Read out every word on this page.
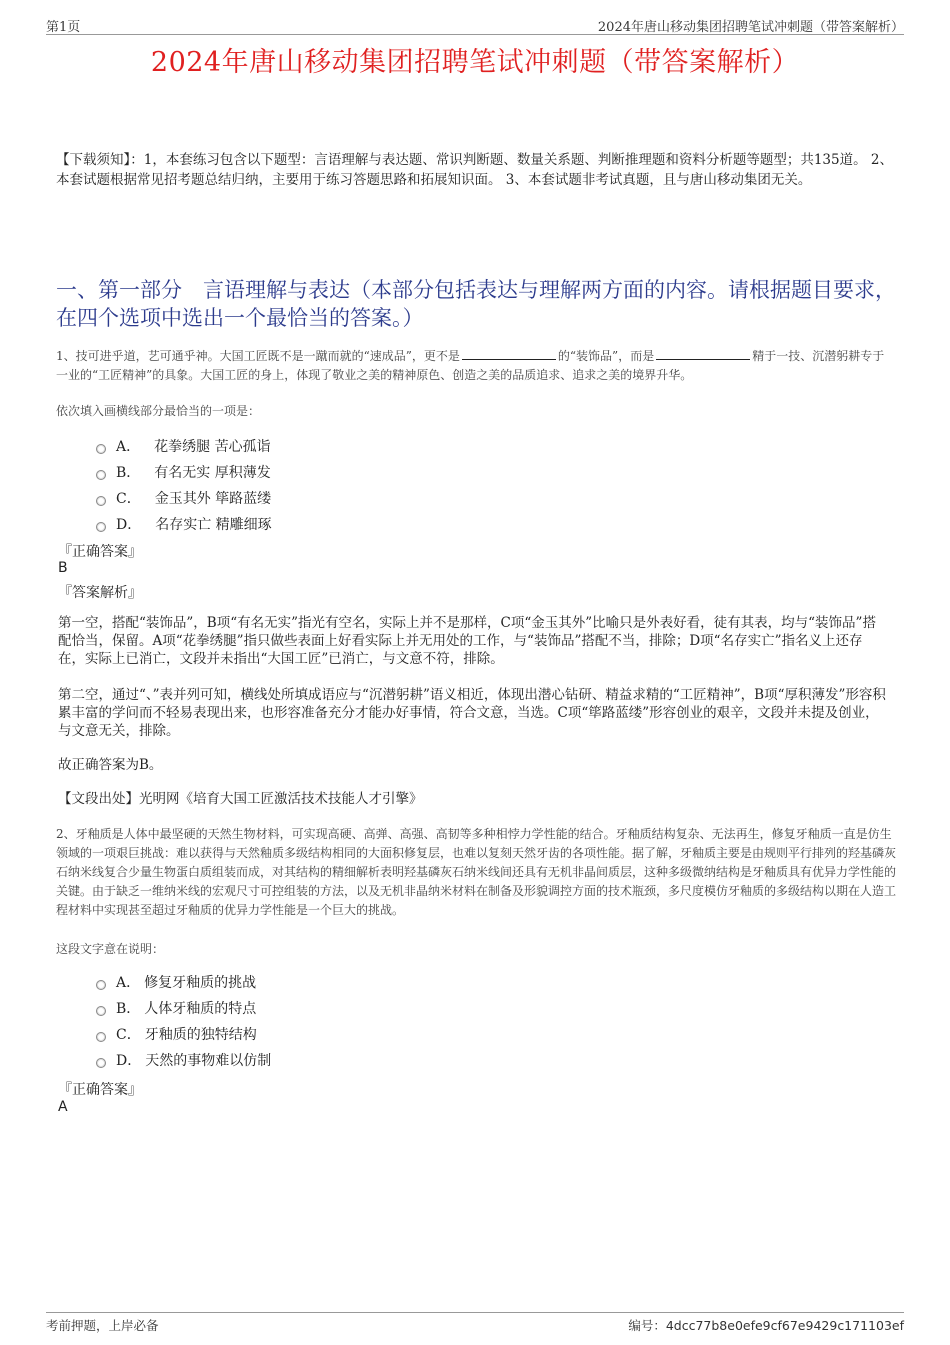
第1页	2024年唐山移动集团招聘笔试冲刺题（带答案解析）
2024年唐山移动集团招聘笔试冲刺题（带答案解析）
【下载须知】：1，本套练习包含以下题型：言语理解与表达题、常识判断题、数量关系题、判断推理题和资料分析题等题型；共135道。 2、本套试题根据常见招考题总结归纳，主要用于练习答题思路和拓展知识面。 3、本套试题非考试真题，且与唐山移动集团无关。
一、第一部分　言语理解与表达（本部分包括表达与理解两方面的内容。请根据题目要求，在四个选项中选出一个最恰当的答案。）
1、技可进乎道，艺可通乎神。大国工匠既不是一蹴而就的“速成品”，更不是	的“装饰品”，而是	精于一技、沉潜躬耕专于一业的“工匠精神”的具象。大国工匠的身上，体现了敬业之美的精神原色、创造之美的品质追求、追求之美的境界升华。
依次填入画横线部分最恰当的一项是：
A． 花拳绣腿 苦心孤诣
B． 有名无实 厚积薄发
C． 金玉其外 筚路蓝缕
D． 名存实亡 精雕细琢
『正确答案』
B
『答案解析』
第一空，搭配“装饰品”，B项“有名无实”指光有空名，实际上并不是那样，C项“金玉其外”比喻只是外表好看，徒有其表，均与“装饰品”搭配恰当，保留。A项“花拳绣腿”指只做些表面上好看实际上并无用处的工作，与“装饰品”搭配不当，排除；D项“名存实亡”指名义上还存在，实际上已消亡，文段并未指出“大国工匠”已消亡，与文意不符，排除。
第二空，通过“、”表并列可知，横线处所填成语应与“沉潜躬耕”语义相近，体现出潜心钻研、精益求精的“工匠精神”，B项“厚积薄发”形容积累丰富的学问而不轻易表现出来，也形容准备充分才能办好事情，符合文意，当选。C项“筚路蓝缕”形容创业的艰辛，文段并未提及创业，与文意无关，排除。
故正确答案为B。
【文段出处】光明网《培育大国工匠激活技术技能人才引擎》
2、牙釉质是人体中最坚硬的天然生物材料，可实现高硬、高弹、高强、高韧等多种相悖力学性能的结合。牙釉质结构复杂、无法再生，修复牙釉质一直是仿生领域的一项艰巨挑战：难以获得与天然釉质多级结构相同的大面积修复层，也难以复刻天然牙齿的各项性能。据了解，牙釉质主要是由规则平行排列的羟基磷灰石纳米线复合少量生物蛋白质组装而成，对其结构的精细解析表明羟基磷灰石纳米线间还具有无机非晶间质层，这种多级微纳结构是牙釉质具有优异力学性能的关键。由于缺乏一维纳米线的宏观尺寸可控组装的方法，以及无机非晶纳米材料在制备及形貌调控方面的技术瓶颈，多尺度模仿牙釉质的多级结构以期在人造工程材料中实现甚至超过牙釉质的优异力学性能是一个巨大的挑战。
这段文字意在说明：
A． 修复牙釉质的挑战
B． 人体牙釉质的特点
C． 牙釉质的独特结构
D． 天然的事物难以仿制
『正确答案』
A
考前押题，上岸必备	编号：4dcc77b8e0efe9cf67e9429c171103ef
